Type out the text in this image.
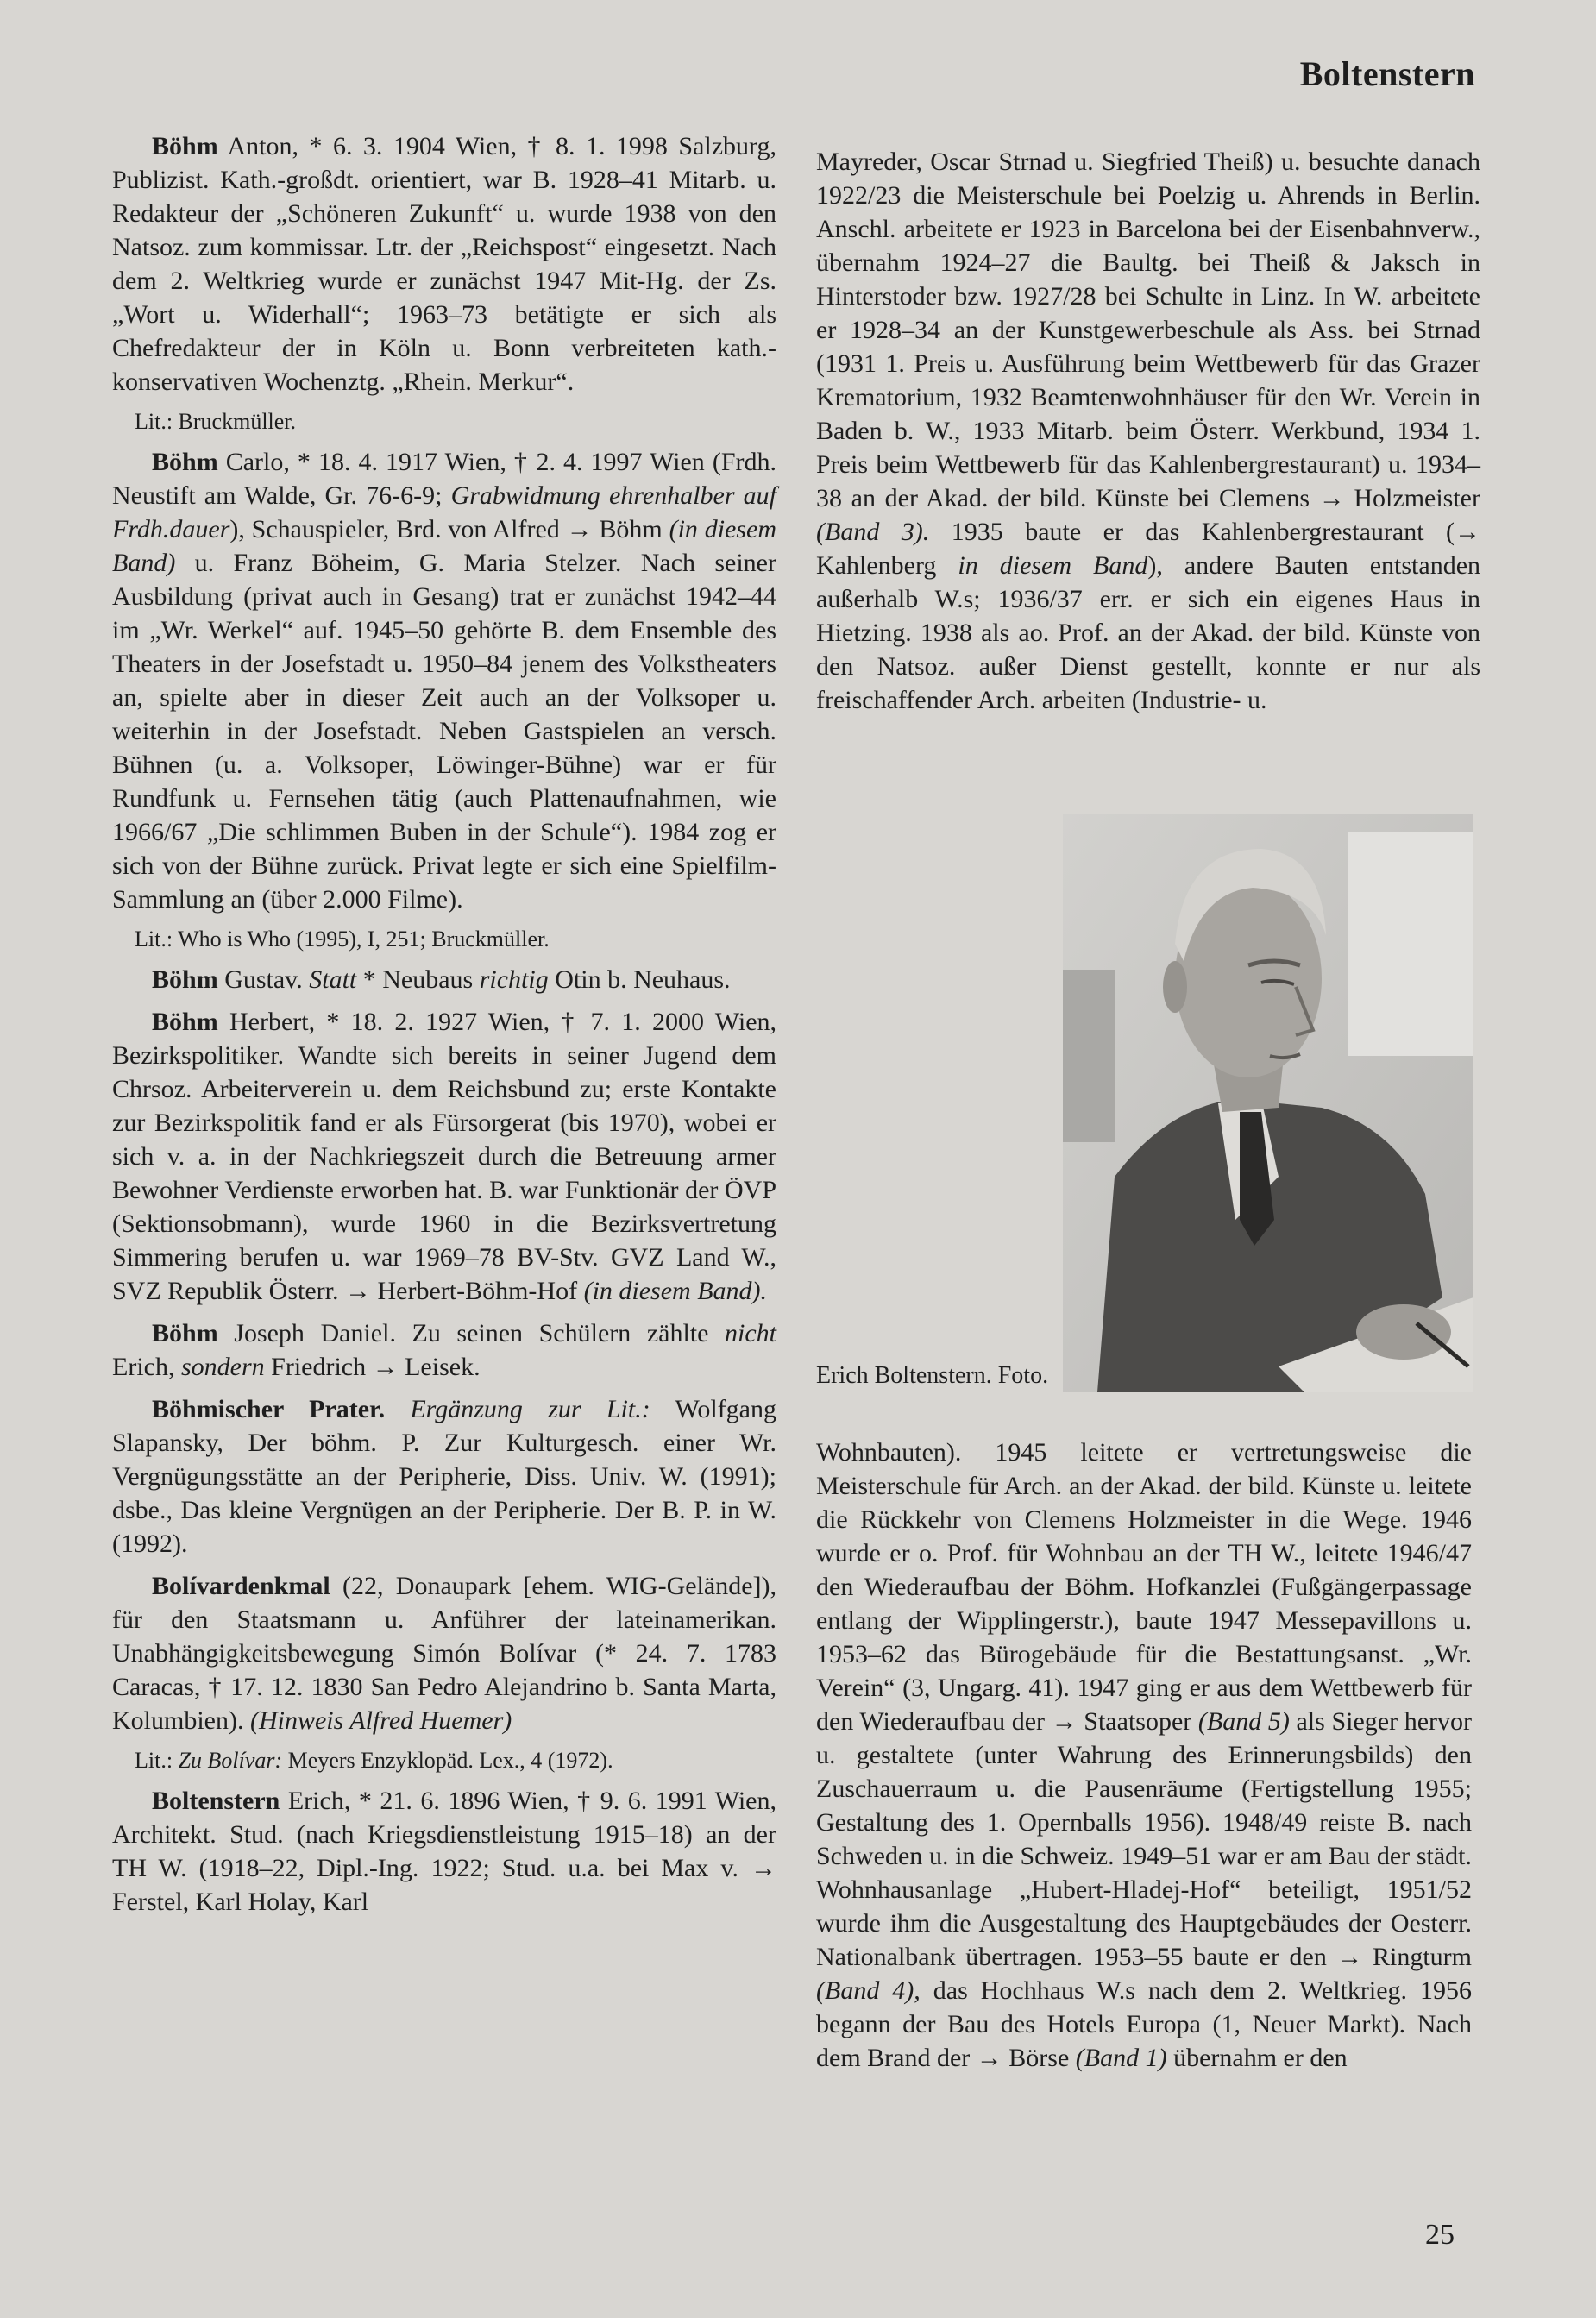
Boltenstern

Böhm Anton, * 6. 3. 1904 Wien, † 8. 1. 1998 Salzburg, Publizist. Kath.-großdt. orientiert, war B. 1928–41 Mitarb. u. Redakteur der „Schöneren Zukunft“ u. wurde 1938 von den Natsoz. zum kommissar. Ltr. der „Reichspost“ eingesetzt. Nach dem 2. Weltkrieg wurde er zunächst 1947 Mit-Hg. der Zs. „Wort u. Widerhall“; 1963–73 betätigte er sich als Chefredakteur der in Köln u. Bonn verbreiteten kath.-konservativen Wochenztg. „Rhein. Merkur“.

Lit.: Bruckmüller.

Böhm Carlo, * 18. 4. 1917 Wien, † 2. 4. 1997 Wien (Frdh. Neustift am Walde, Gr. 76-6-9; Grabwidmung ehrenhalber auf Frdh.dauer), Schauspieler, Brd. von Alfred → Böhm (in diesem Band) u. Franz Böheim, G. Maria Stelzer. Nach seiner Ausbildung (privat auch in Gesang) trat er zunächst 1942–44 im „Wr. Werkel“ auf. 1945–50 gehörte B. dem Ensemble des Theaters in der Josefstadt u. 1950–84 jenem des Volkstheaters an, spielte aber in dieser Zeit auch an der Volksoper u. weiterhin in der Josefstadt. Neben Gastspielen an versch. Bühnen (u. a. Volksoper, Löwinger-Bühne) war er für Rundfunk u. Fernsehen tätig (auch Plattenaufnahmen, wie 1966/67 „Die schlimmen Buben in der Schule“). 1984 zog er sich von der Bühne zurück. Privat legte er sich eine Spielfilm-Sammlung an (über 2.000 Filme).

Lit.: Who is Who (1995), I, 251; Bruckmüller.

Böhm Gustav. Statt * Neubaus richtig Otin b. Neuhaus.

Böhm Herbert, * 18. 2. 1927 Wien, † 7. 1. 2000 Wien, Bezirkspolitiker. Wandte sich bereits in seiner Jugend dem Chrsoz. Arbeiterverein u. dem Reichsbund zu; erste Kontakte zur Bezirkspolitik fand er als Fürsorgerat (bis 1970), wobei er sich v. a. in der Nachkriegszeit durch die Betreuung armer Bewohner Verdienste erworben hat. B. war Funktionär der ÖVP (Sektionsobmann), wurde 1960 in die Bezirksvertretung Simmering berufen u. war 1969–78 BV-Stv. GVZ Land W., SVZ Republik Österr. → Herbert-Böhm-Hof (in diesem Band).

Böhm Joseph Daniel. Zu seinen Schülern zählte nicht Erich, sondern Friedrich → Leisek.

Böhmischer Prater. Ergänzung zur Lit.: Wolfgang Slapansky, Der böhm. P. Zur Kulturgesch. einer Wr. Vergnügungsstätte an der Peripherie, Diss. Univ. W. (1991); dsbe., Das kleine Vergnügen an der Peripherie. Der B. P. in W. (1992).

Bolívardenkmal (22, Donaupark [ehem. WIG-Gelände]), für den Staatsmann u. Anführer der lateinamerikan. Unabhängigkeitsbewegung Simón Bolívar (* 24. 7. 1783 Caracas, † 17. 12. 1830 San Pedro Alejandrino b. Santa Marta, Kolumbien). (Hinweis Alfred Huemer)

Lit.: Zu Bolívar: Meyers Enzyklopäd. Lex., 4 (1972).

Boltenstern Erich, * 21. 6. 1896 Wien, † 9. 6. 1991 Wien, Architekt. Stud. (nach Kriegsdienstleistung 1915–18) an der TH W. (1918–22, Dipl.-Ing. 1922; Stud. u.a. bei Max v. → Ferstel, Karl Holay, Karl

Mayreder, Oscar Strnad u. Siegfried Theiß) u. besuchte danach 1922/23 die Meisterschule bei Poelzig u. Ahrends in Berlin. Anschl. arbeitete er 1923 in Barcelona bei der Eisenbahnverw., übernahm 1924–27 die Baultg. bei Theiß & Jaksch in Hinterstoder bzw. 1927/28 bei Schulte in Linz. In W. arbeitete er 1928–34 an der Kunstgewerbeschule als Ass. bei Strnad (1931 1. Preis u. Ausführung beim Wettbewerb für das Grazer Krematorium, 1932 Beamtenwohnhäuser für den Wr. Verein in Baden b. W., 1933 Mitarb. beim Österr. Werkbund, 1934 1. Preis beim Wettbewerb für das Kahlenbergrestaurant) u. 1934–38 an der Akad. der bild. Künste bei Clemens → Holzmeister (Band 3). 1935 baute er das Kahlenbergrestaurant (→ Kahlenberg in diesem Band), andere Bauten entstanden außerhalb W.s; 1936/37 err. er sich ein eigenes Haus in Hietzing. 1938 als ao. Prof. an der Akad. der bild. Künste von den Natsoz. außer Dienst gestellt, konnte er nur als freischaffender Arch. arbeiten (Industrie- u.

Erich Boltenstern. Foto.

Wohnbauten). 1945 leitete er vertretungsweise die Meisterschule für Arch. an der Akad. der bild. Künste u. leitete die Rückkehr von Clemens Holzmeister in die Wege. 1946 wurde er o. Prof. für Wohnbau an der TH W., leitete 1946/47 den Wiederaufbau der Böhm. Hofkanzlei (Fußgängerpassage entlang der Wipplingerstr.), baute 1947 Messepavillons u. 1953–62 das Bürogebäude für die Bestattungsanst. „Wr. Verein“ (3, Ungarg. 41). 1947 ging er aus dem Wettbewerb für den Wiederaufbau der → Staatsoper (Band 5) als Sieger hervor u. gestaltete (unter Wahrung des Erinnerungsbilds) den Zuschauerraum u. die Pausenräume (Fertigstellung 1955; Gestaltung des 1. Opernballs 1956). 1948/49 reiste B. nach Schweden u. in die Schweiz. 1949–51 war er am Bau der städt. Wohnhausanlage „Hubert-Hladej-Hof“ beteiligt, 1951/52 wurde ihm die Ausgestaltung des Hauptgebäudes der Oesterr. Nationalbank übertragen. 1953–55 baute er den → Ringturm (Band 4), das Hochhaus W.s nach dem 2. Weltkrieg. 1956 begann der Bau des Hotels Europa (1, Neuer Markt). Nach dem Brand der → Börse (Band 1) übernahm er den

25
